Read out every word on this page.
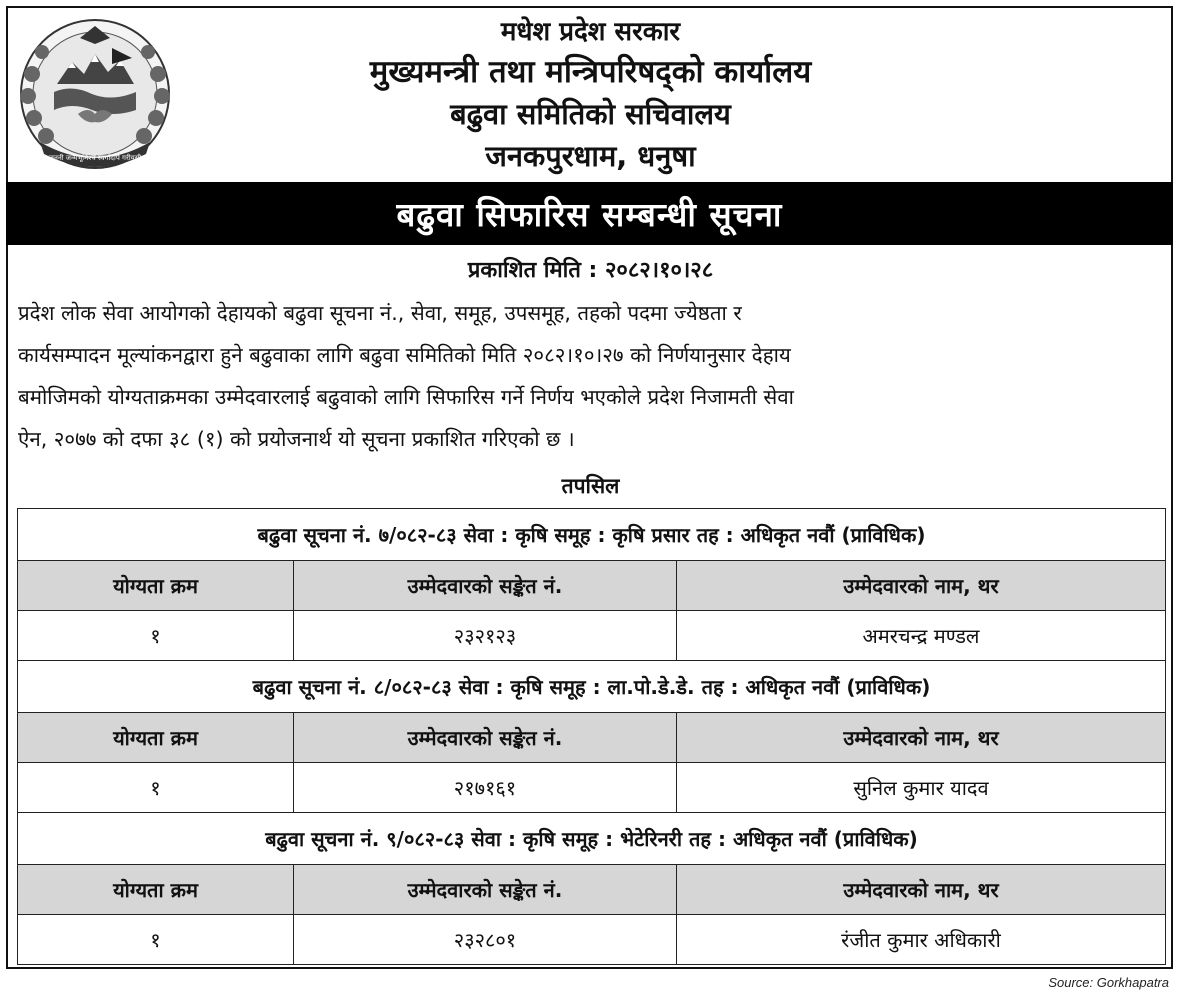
जननी जन्मभूमिश्च स्वर्गादपि गरीयसी
मधेश प्रदेश सरकार
मुख्यमन्त्री तथा मन्त्रिपरिषद्को कार्यालय
बढुवा समितिको सचिवालय
जनकपुरधाम, धनुषा
बढुवा सिफारिस सम्बन्धी सूचना
प्रकाशित मिति : २०८२।१०।२८
प्रदेश लोक सेवा आयोगको देहायको बढुवा सूचना नं., सेवा, समूह, उपसमूह, तहको पदमा ज्येष्ठता र
कार्यसम्पादन मूल्यांकनद्वारा हुने बढुवाका लागि बढुवा समितिको मिति २०८२।१०।२७ को निर्णयानुसार देहाय
बमोजिमको योग्यताक्रमका उम्मेदवारलाई बढुवाको लागि सिफारिस गर्ने निर्णय भएकोले प्रदेश निजामती सेवा
ऐन, २०७७ को दफा ३८ (१) को प्रयोजनार्थ यो सूचना प्रकाशित गरिएको छ ।
तपसिल
बढुवा सूचना नं. ७/०८२-८३ सेवा : कृषि समूह : कृषि प्रसार तह : अधिकृत नवौं (प्राविधिक)		
योग्यता क्रम	उम्मेदवारको सङ्केत नं.	उम्मेदवारको नाम, थर
१	२३२१२३	अमरचन्द्र मण्डल
बढुवा सूचना नं. ८/०८२-८३ सेवा : कृषि समूह : ला.पो.डे.डे. तह : अधिकृत नवौं (प्राविधिक)		
योग्यता क्रम	उम्मेदवारको सङ्केत नं.	उम्मेदवारको नाम, थर
१	२१७१६१	सुनिल कुमार यादव
बढुवा सूचना नं. ९/०८२-८३ सेवा : कृषि समूह : भेटेरिनरी तह : अधिकृत नवौं (प्राविधिक)		
योग्यता क्रम	उम्मेदवारको सङ्केत नं.	उम्मेदवारको नाम, थर
१	२३२८०१	रंजीत कुमार अधिकारी
Source: Gorkhapatra
